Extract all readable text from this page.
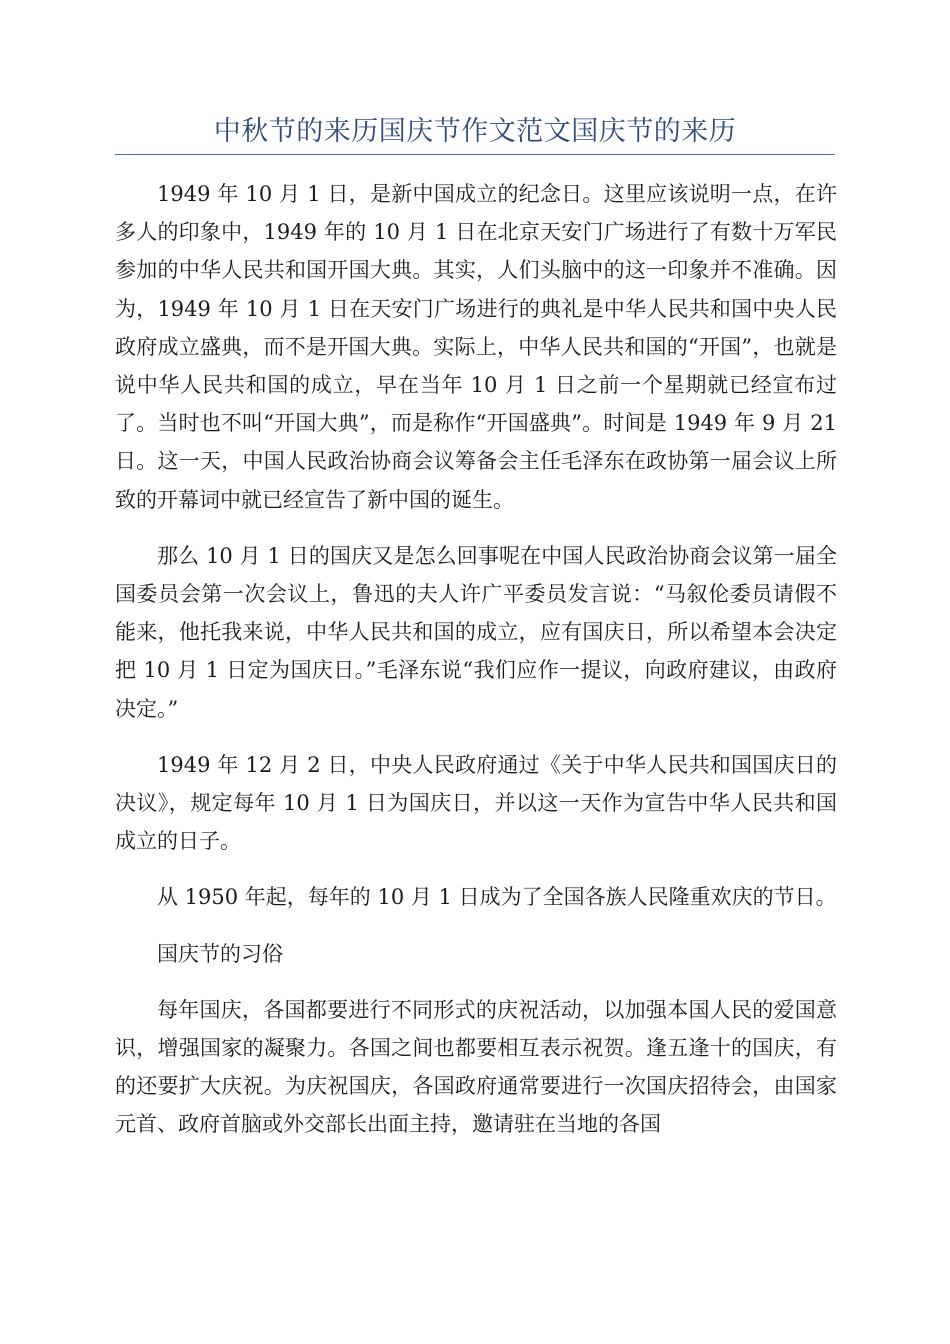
中秋节的来历国庆节作文范文国庆节的来历

1949 年 10 月 1 日，是新中国成立的纪念日。这里应该说明一点，在许多人的印象中，1949 年的 10 月 1 日在北京天安门广场进行了有数十万军民参加的中华人民共和国开国大典。其实，人们头脑中的这一印象并不准确。因为，1949 年 10 月 1 日在天安门广场进行的典礼是中华人民共和国中央人民政府成立盛典，而不是开国大典。实际上，中华人民共和国的“开国”，也就是说中华人民共和国的成立，早在当年 10 月 1 日之前一个星期就已经宣布过了。当时也不叫“开国大典”，而是称作“开国盛典”。时间是 1949 年 9 月 21 日。这一天，中国人民政治协商会议筹备会主任毛泽东在政协第一届会议上所致的开幕词中就已经宣告了新中国的诞生。

那么 10 月 1 日的国庆又是怎么回事呢在中国人民政治协商会议第一届全国委员会第一次会议上，鲁迅的夫人许广平委员发言说：“马叙伦委员请假不能来，他托我来说，中华人民共和国的成立，应有国庆日，所以希望本会决定把 10 月 1 日定为国庆日。”毛泽东说“我们应作一提议，向政府建议，由政府决定。”

1949 年 12 月 2 日，中央人民政府通过《关于中华人民共和国国庆日的决议》，规定每年 10 月 1 日为国庆日，并以这一天作为宣告中华人民共和国成立的日子。

从 1950 年起，每年的 10 月 1 日成为了全国各族人民隆重欢庆的节日。

国庆节的习俗

每年国庆，各国都要进行不同形式的庆祝活动，以加强本国人民的爱国意识，增强国家的凝聚力。各国之间也都要相互表示祝贺。逢五逢十的国庆，有的还要扩大庆祝。为庆祝国庆，各国政府通常要进行一次国庆招待会，由国家元首、政府首脑或外交部长出面主持，邀请驻在当地的各国
